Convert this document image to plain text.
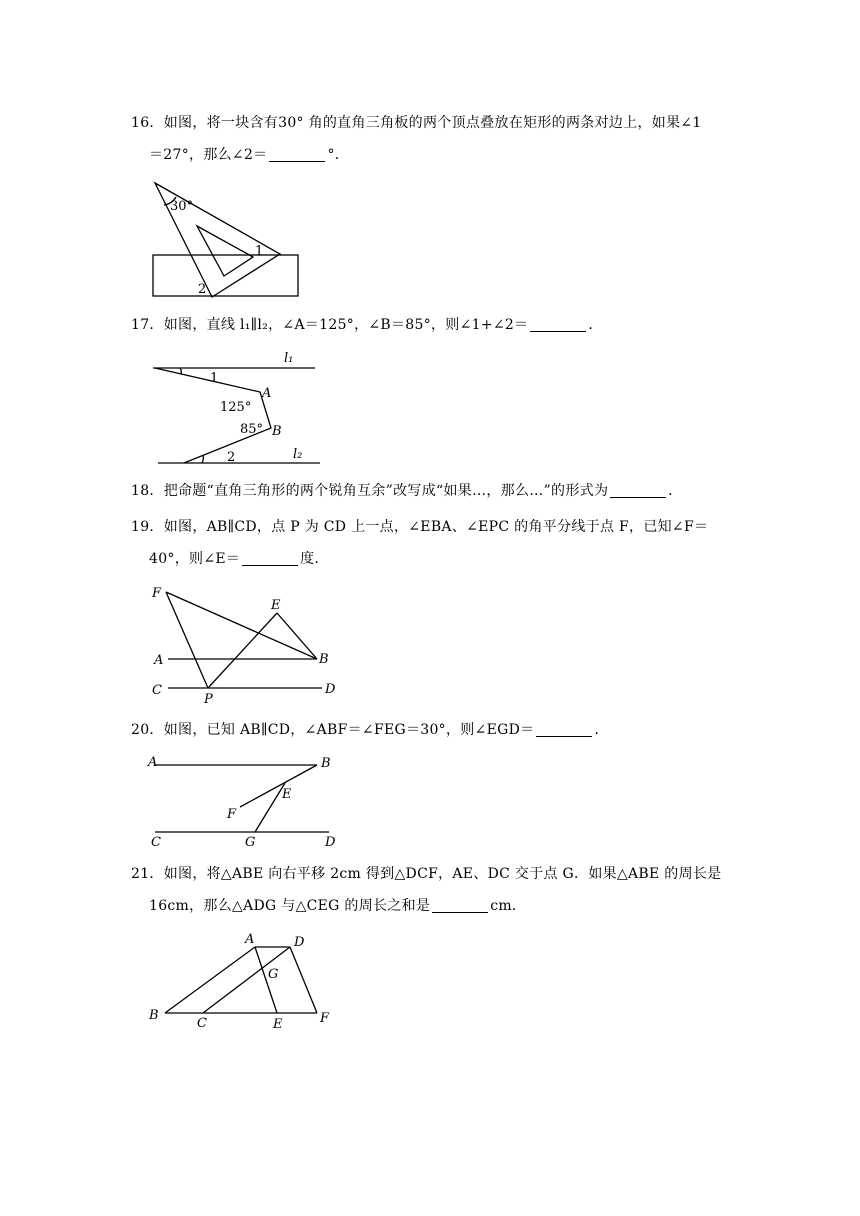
16．如图，将一块含有30° 角的直角三角板的两个顶点叠放在矩形的两条对边上，如果∠1
＝27°，那么∠2＝	°．
30°
1
2
17．如图，直线 l₁∥l₂，∠A＝125°，∠B＝85°，则∠1+∠2＝	．
l₁
l₂
1
2
A
B
125°
85°
18．把命题“直角三角形的两个锐角互余”改写成“如果…，那么…”的形式为	．
19．如图，AB∥CD，点 P 为 CD 上一点，∠EBA、∠EPC 的角平分线于点 F，已知∠F＝
40°，则∠E＝	度．
F
E
A	B
C
P
D
20．如图，已知 AB∥CD，∠ABF＝∠FEG＝30°，则∠EGD＝	．
A	B
F
E
C	G	D
21．如图，将△ABE 向右平移 2cm 得到△DCF，AE、DC 交于点 G．如果△ABE 的周长是
16cm，那么△ADG 与△CEG 的周长之和是	cm．
A	D
G
B
C	E	F
